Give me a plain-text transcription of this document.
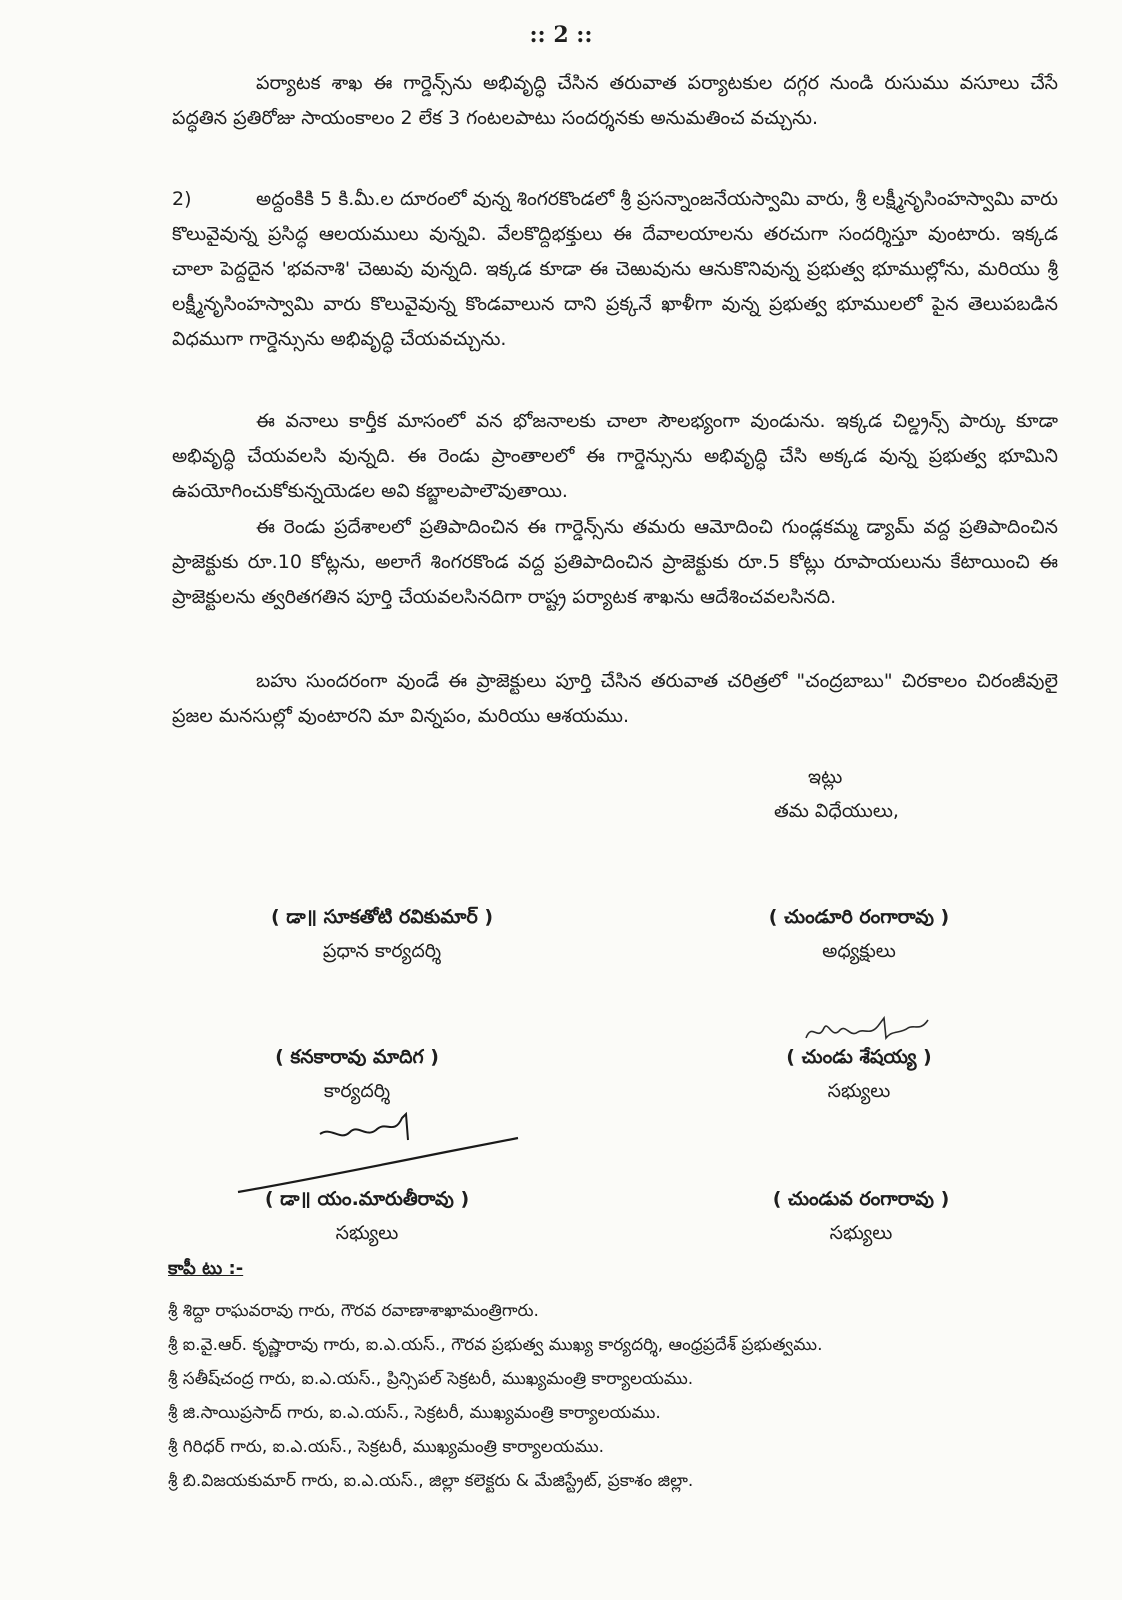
:: 2 ::
పర్యాటక శాఖ ఈ గార్డెన్స్‌ను అభివృద్ధి చేసిన తరువాత పర్యాటకుల దగ్గర నుండి రుసుము వసూలు చేసే పద్ధతిన ప్రతిరోజు సాయంకాలం 2 లేక 3 గంటలపాటు సందర్శనకు అనుమతించ వచ్చును.
2)	అద్దంకికి 5 కి.మీ.ల దూరంలో వున్న శింగరకొండలో శ్రీ ప్రసన్నాంజనేయస్వామి వారు, శ్రీ లక్ష్మీనృసింహస్వామి వారు కొలువైవున్న ప్రసిద్ధ ఆలయములు వున్నవి. వేలకొద్దిభక్తులు ఈ దేవాలయాలను తరచుగా సందర్శిస్తూ వుంటారు. ఇక్కడ చాలా పెద్దదైన 'భవనాశి' చెఱువు వున్నది. ఇక్కడ కూడా ఈ చెఱువును ఆనుకొనివున్న ప్రభుత్వ భూముల్లోను, మరియు శ్రీ లక్ష్మీనృసింహస్వామి వారు కొలువైవున్న కొండవాలున దాని ప్రక్కనే ఖాళీగా వున్న ప్రభుత్వ భూములలో పైన తెలుపబడిన విధముగా గార్డెన్సును అభివృద్ధి చేయవచ్చును.
ఈ వనాలు కార్తీక మాసంలో వన భోజనాలకు చాలా సౌలభ్యంగా వుండును. ఇక్కడ చిల్డ్రన్స్ పార్కు కూడా అభివృద్ధి చేయవలసి వున్నది. ఈ రెండు ప్రాంతాలలో ఈ గార్డెన్సును అభివృద్ధి చేసి అక్కడ వున్న ప్రభుత్వ భూమిని ఉపయోగించుకోకున్నయెడల అవి కబ్జాలపాలౌవుతాయి.
ఈ రెండు ప్రదేశాలలో ప్రతిపాదించిన ఈ గార్డెన్స్‌ను తమరు ఆమోదించి గుండ్లకమ్మ డ్యామ్ వద్ద ప్రతిపాదించిన ప్రాజెక్టుకు రూ.10 కోట్లను, అలాగే శింగరకొండ వద్ద ప్రతిపాదించిన ప్రాజెక్టుకు రూ.5 కోట్లు రూపాయలును కేటాయించి ఈ ప్రాజెక్టులను త్వరితగతిన పూర్తి చేయవలసినదిగా రాష్ట్ర పర్యాటక శాఖను ఆదేశించవలసినది.
బహు సుందరంగా వుండే ఈ ప్రాజెక్టులు పూర్తి చేసిన తరువాత చరిత్రలో "చంద్రబాబు" చిరకాలం చిరంజీవులై ప్రజల మనసుల్లో వుంటారని మా విన్నపం, మరియు ఆశయము.
ఇట్లు
తమ విధేయులు,
( డా॥ సూకతోటి రవికుమార్ )
ప్రధాన కార్యదర్శి
( చుండూరి రంగారావు )
అధ్యక్షులు
( కనకారావు మాదిగ )
కార్యదర్శి
( చుండు శేషయ్య )
సభ్యులు
( డా॥ యం.మారుతీరావు )
సభ్యులు
( చుండువ రంగారావు )
సభ్యులు
కాపీ టు :-
శ్రీ శిద్దా రాఘవరావు గారు, గౌరవ రవాణాశాఖామంత్రిగారు.
శ్రీ ఐ.వై.ఆర్. కృష్ణారావు గారు, ఐ.ఎ.యస్., గౌరవ ప్రభుత్వ ముఖ్య కార్యదర్శి, ఆంధ్రప్రదేశ్ ప్రభుత్వము.
శ్రీ సతీష్‌చంద్ర గారు, ఐ.ఎ.యస్., ప్రిన్సిపల్ సెక్రటరీ, ముఖ్యమంత్రి కార్యాలయము.
శ్రీ జి.సాయిప్రసాద్ గారు, ఐ.ఎ.యస్., సెక్రటరీ, ముఖ్యమంత్రి కార్యాలయము.
శ్రీ గిరిధర్ గారు, ఐ.ఎ.యస్., సెక్రటరీ, ముఖ్యమంత్రి కార్యాలయము.
శ్రీ బి.విజయకుమార్ గారు, ఐ.ఎ.యస్., జిల్లా కలెక్టరు & మేజిస్ట్రేట్, ప్రకాశం జిల్లా.
